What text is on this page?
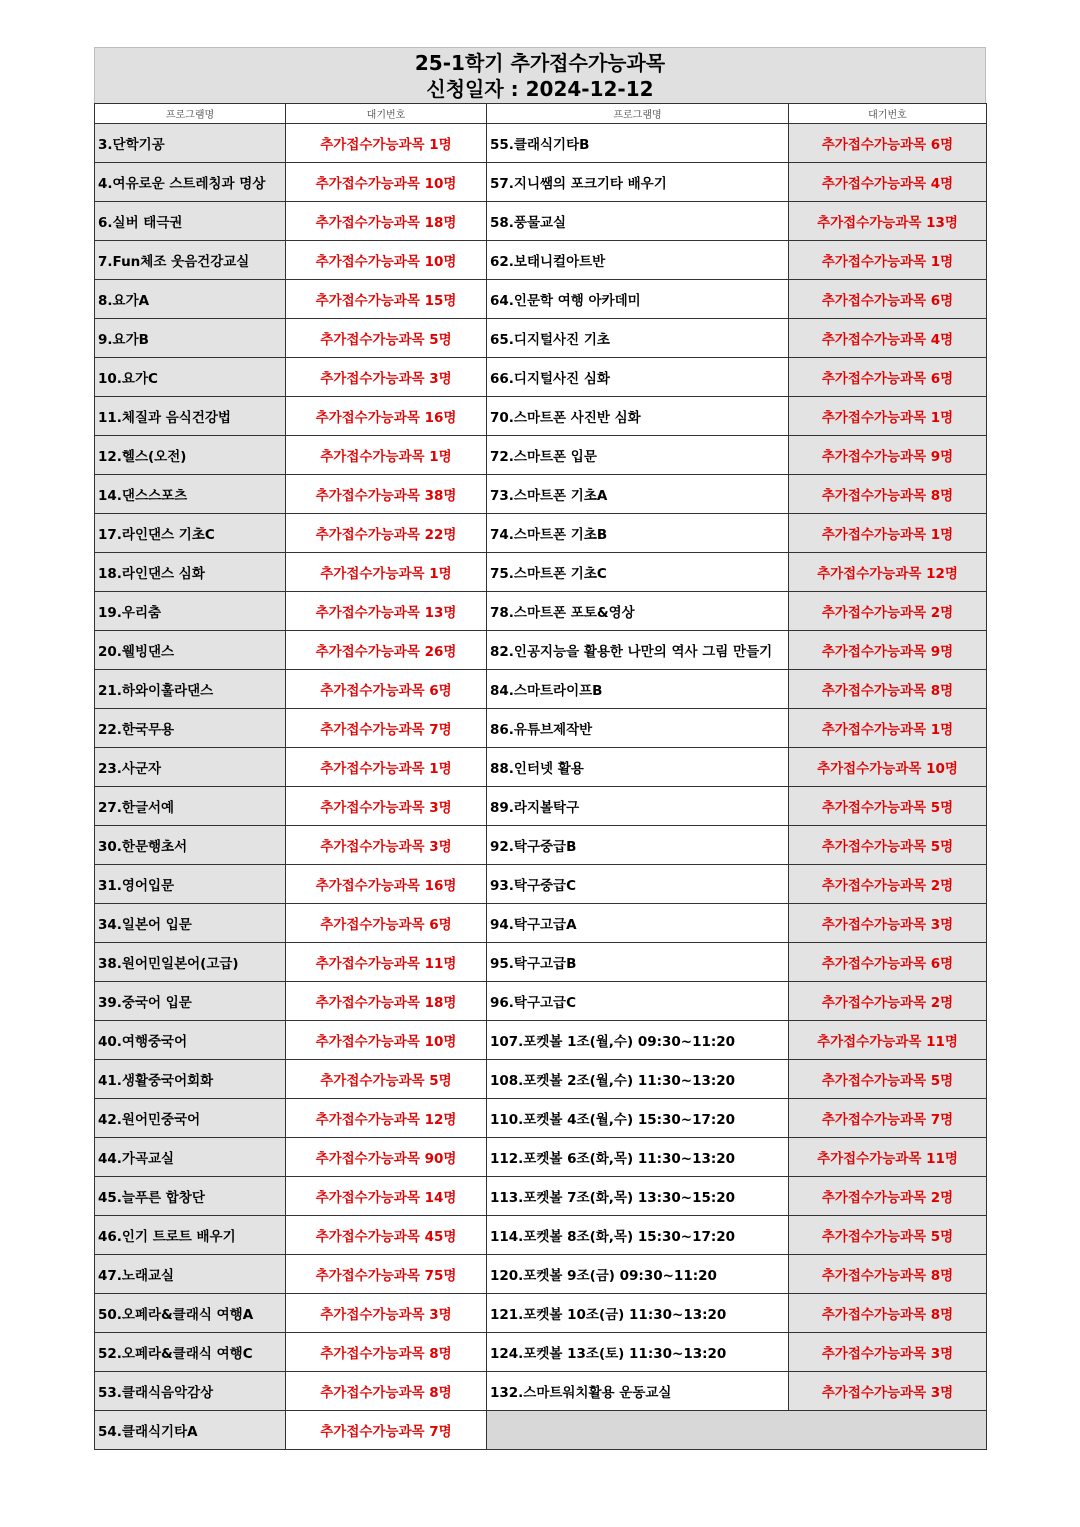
25-1학기 추가접수가능과목
신청일자 : 2024-12-12
프로그램명	대기번호	프로그램명	대기번호
3.단학기공	추가접수가능과목 1명	55.클래식기타B	추가접수가능과목 6명
4.여유로운 스트레칭과 명상	추가접수가능과목 10명	57.지니쌤의 포크기타 배우기	추가접수가능과목 4명
6.실버 태극권	추가접수가능과목 18명	58.풍물교실	추가접수가능과목 13명
7.Fun체조 웃음건강교실	추가접수가능과목 10명	62.보태니컬아트반	추가접수가능과목 1명
8.요가A	추가접수가능과목 15명	64.인문학 여행 아카데미	추가접수가능과목 6명
9.요가B	추가접수가능과목 5명	65.디지털사진 기초	추가접수가능과목 4명
10.요가C	추가접수가능과목 3명	66.디지털사진 심화	추가접수가능과목 6명
11.체질과 음식건강법	추가접수가능과목 16명	70.스마트폰 사진반 심화	추가접수가능과목 1명
12.헬스(오전)	추가접수가능과목 1명	72.스마트폰 입문	추가접수가능과목 9명
14.댄스스포츠	추가접수가능과목 38명	73.스마트폰 기초A	추가접수가능과목 8명
17.라인댄스 기초C	추가접수가능과목 22명	74.스마트폰 기초B	추가접수가능과목 1명
18.라인댄스 심화	추가접수가능과목 1명	75.스마트폰 기초C	추가접수가능과목 12명
19.우리춤	추가접수가능과목 13명	78.스마트폰 포토&영상	추가접수가능과목 2명
20.웰빙댄스	추가접수가능과목 26명	82.인공지능을 활용한 나만의 역사 그림 만들기	추가접수가능과목 9명
21.하와이훌라댄스	추가접수가능과목 6명	84.스마트라이프B	추가접수가능과목 8명
22.한국무용	추가접수가능과목 7명	86.유튜브제작반	추가접수가능과목 1명
23.사군자	추가접수가능과목 1명	88.인터넷 활용	추가접수가능과목 10명
27.한글서예	추가접수가능과목 3명	89.라지볼탁구	추가접수가능과목 5명
30.한문행초서	추가접수가능과목 3명	92.탁구중급B	추가접수가능과목 5명
31.영어입문	추가접수가능과목 16명	93.탁구중급C	추가접수가능과목 2명
34.일본어 입문	추가접수가능과목 6명	94.탁구고급A	추가접수가능과목 3명
38.원어민일본어(고급)	추가접수가능과목 11명	95.탁구고급B	추가접수가능과목 6명
39.중국어 입문	추가접수가능과목 18명	96.탁구고급C	추가접수가능과목 2명
40.여행중국어	추가접수가능과목 10명	107.포켓볼 1조(월,수) 09:30~11:20	추가접수가능과목 11명
41.생활중국어회화	추가접수가능과목 5명	108.포켓볼 2조(월,수) 11:30~13:20	추가접수가능과목 5명
42.원어민중국어	추가접수가능과목 12명	110.포켓볼 4조(월,수) 15:30~17:20	추가접수가능과목 7명
44.가곡교실	추가접수가능과목 90명	112.포켓볼 6조(화,목) 11:30~13:20	추가접수가능과목 11명
45.늘푸른 합창단	추가접수가능과목 14명	113.포켓볼 7조(화,목) 13:30~15:20	추가접수가능과목 2명
46.인기 트로트 배우기	추가접수가능과목 45명	114.포켓볼 8조(화,목) 15:30~17:20	추가접수가능과목 5명
47.노래교실	추가접수가능과목 75명	120.포켓볼 9조(금) 09:30~11:20	추가접수가능과목 8명
50.오페라&클래식 여행A	추가접수가능과목 3명	121.포켓볼 10조(금) 11:30~13:20	추가접수가능과목 8명
52.오페라&클래식 여행C	추가접수가능과목 8명	124.포켓볼 13조(토) 11:30~13:20	추가접수가능과목 3명
53.클래식음악감상	추가접수가능과목 8명	132.스마트워치활용 운동교실	추가접수가능과목 3명
54.클래식기타A	추가접수가능과목 7명		
